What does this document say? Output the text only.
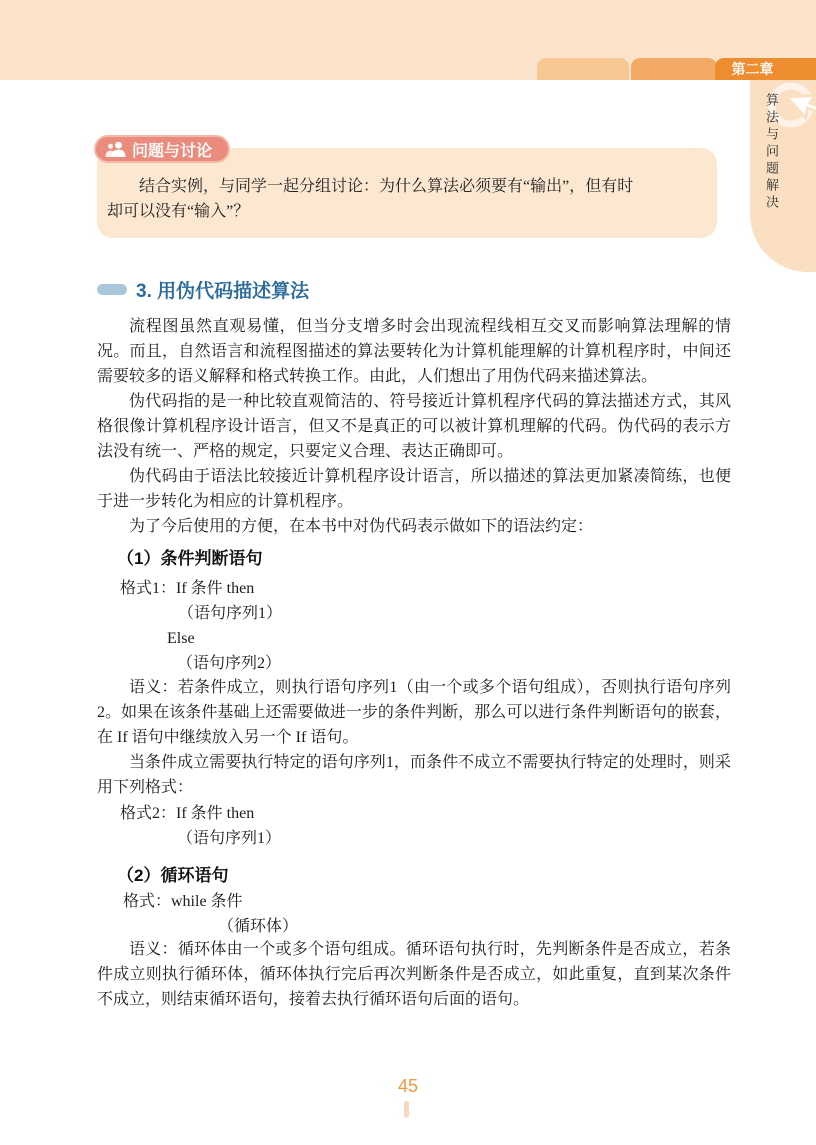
第二章
算法与问题解决
问题与讨论
结合实例，与同学一起分组讨论：为什么算法必须要有“输出”，但有时
却可以没有“输入”？
3. 用伪代码描述算法
流程图虽然直观易懂，但当分支增多时会出现流程线相互交叉而影响算法理解的情况。而且，自然语言和流程图描述的算法要转化为计算机能理解的计算机程序时，中间还需要较多的语义解释和格式转换工作。由此，人们想出了用伪代码来描述算法。
伪代码指的是一种比较直观简洁的、符号接近计算机程序代码的算法描述方式，其风格很像计算机程序设计语言，但又不是真正的可以被计算机理解的代码。伪代码的表示方法没有统一、严格的规定，只要定义合理、表达正确即可。
伪代码由于语法比较接近计算机程序设计语言，所以描述的算法更加紧凑简练，也便于进一步转化为相应的计算机程序。
为了今后使用的方便，在本书中对伪代码表示做如下的语法约定：
（1）条件判断语句
格式1：If 条件 then
（语句序列1）
Else
（语句序列2）
语义：若条件成立，则执行语句序列1（由一个或多个语句组成），否则执行语句序列2。如果在该条件基础上还需要做进一步的条件判断，那么可以进行条件判断语句的嵌套，在 If 语句中继续放入另一个 If 语句。
当条件成立需要执行特定的语句序列1，而条件不成立不需要执行特定的处理时，则采用下列格式：
格式2：If 条件 then
（语句序列1）
（2）循环语句
格式：while 条件
（循环体）
语义：循环体由一个或多个语句组成。循环语句执行时，先判断条件是否成立，若条件成立则执行循环体，循环体执行完后再次判断条件是否成立，如此重复，直到某次条件不成立，则结束循环语句，接着去执行循环语句后面的语句。
45
